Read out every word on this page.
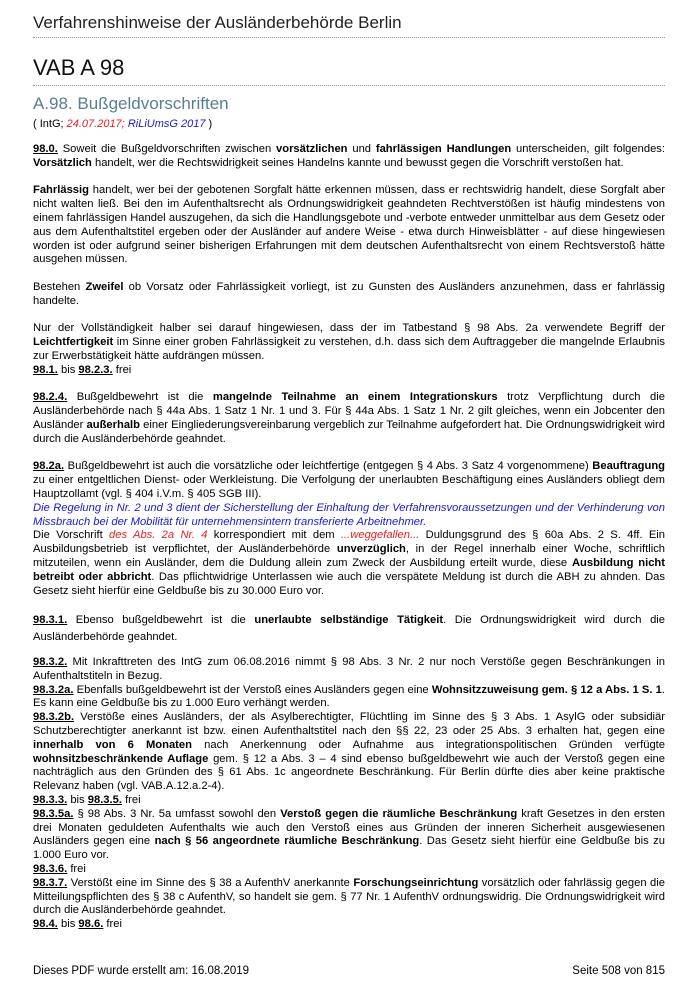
Verfahrenshinweise der Ausländerbehörde Berlin
VAB A 98
A.98. Bußgeldvorschriften
( IntG; 24.07.2017; RiLiUmsG 2017 )

98.0. Soweit die Bußgeldvorschriften zwischen vorsätzlichen und fahrlässigen Handlungen unterscheiden, gilt folgendes: Vorsätzlich handelt, wer die Rechtswidrigkeit seines Handelns kannte und bewusst gegen die Vorschrift verstoßen hat.

Fahrlässig handelt, wer bei der gebotenen Sorgfalt hätte erkennen müssen, dass er rechtswidrig handelt, diese Sorgfalt aber nicht walten ließ. Bei den im Aufenthaltsrecht als Ordnungswidrigkeit geahndeten Rechtverstößen ist häufig mindestens von einem fahrlässigen Handel auszugehen, da sich die Handlungsgebote und -verbote entweder unmittelbar aus dem Gesetz oder aus dem Aufenthaltstitel ergeben oder der Ausländer auf andere Weise - etwa durch Hinweisblätter - auf diese hingewiesen worden ist oder aufgrund seiner bisherigen Erfahrungen mit dem deutschen Aufenthaltsrecht von einem Rechtsverstoß hätte ausgehen müssen.

Bestehen Zweifel ob Vorsatz oder Fahrlässigkeit vorliegt, ist zu Gunsten des Ausländers anzunehmen, dass er fahrlässig handelte.

Nur der Vollständigkeit halber sei darauf hingewiesen, dass der im Tatbestand § 98 Abs. 2a verwendete Begriff der Leichtfertigkeit im Sinne einer groben Fahrlässigkeit zu verstehen, d.h. dass sich dem Auftraggeber die mangelnde Erlaubnis zur Erwerbstätigkeit hätte aufdrängen müssen.

98.1. bis 98.2.3. frei

98.2.4. Bußgeldbewehrt ist die mangelnde Teilnahme an einem Integrationskurs trotz Verpflichtung durch die Ausländerbehörde nach § 44a Abs. 1 Satz 1 Nr. 1 und 3. Für § 44a Abs. 1 Satz 1 Nr. 2 gilt gleiches, wenn ein Jobcenter den Ausländer außerhalb einer Eingliederungsvereinbarung vergeblich zur Teilnahme aufgefordert hat. Die Ordnungswidrigkeit wird durch die Ausländerbehörde geahndet.

98.2a. Bußgeldbewehrt ist auch die vorsätzliche oder leichtfertige (entgegen § 4 Abs. 3 Satz 4 vorgenommene) Beauftragung zu einer entgeltlichen Dienst- oder Werkleistung. Die Verfolgung der unerlaubten Beschäftigung eines Ausländers obliegt dem Hauptzollamt (vgl. § 404 i.V.m. § 405 SGB III).

Die Regelung in Nr. 2 und 3 dient der Sicherstellung der Einhaltung der Verfahrensvoraussetzungen und der Verhinderung von Missbrauch bei der Mobilität für unternehmensintern transferierte Arbeitnehmer.

Die Vorschrift des Abs. 2a Nr. 4 korrespondiert mit dem ...weggefallen... Duldungsgrund des § 60a Abs. 2 S. 4ff. Ein Ausbildungsbetrieb ist verpflichtet, der Ausländerbehörde unverzüglich, in der Regel innerhalb einer Woche, schriftlich mitzuteilen, wenn ein Ausländer, dem die Duldung allein zum Zweck der Ausbildung erteilt wurde, diese Ausbildung nicht betreibt oder abbricht. Das pflichtwidrige Unterlassen wie auch die verspätete Meldung ist durch die ABH zu ahnden. Das Gesetz sieht hierfür eine Geldbuße bis zu 30.000 Euro vor.

98.3.1. Ebenso bußgeldbewehrt ist die unerlaubte selbständige Tätigkeit. Die Ordnungswidrigkeit wird durch die Ausländerbehörde geahndet.

98.3.2. Mit Inkrafttreten des IntG zum 06.08.2016 nimmt § 98 Abs. 3 Nr. 2 nur noch Verstöße gegen Beschränkungen in Aufenthaltstiteln in Bezug.

98.3.2a. Ebenfalls bußgeldbewehrt ist der Verstoß eines Ausländers gegen eine Wohnsitzzuweisung gem. § 12 a Abs. 1 S. 1. Es kann eine Geldbuße bis zu 1.000 Euro verhängt werden.

98.3.2b. Verstöße eines Ausländers, der als Asylberechtigter, Flüchtling im Sinne des § 3 Abs. 1 AsylG oder subsidiär Schutzberechtigter anerkannt ist bzw. einen Aufenthaltstitel nach den §§ 22, 23 oder 25 Abs. 3 erhalten hat, gegen eine innerhalb von 6 Monaten nach Anerkennung oder Aufnahme aus integrationspolitischen Gründen verfügte wohnsitzbeschränkende Auflage gem. § 12 a Abs. 3 – 4 sind ebenso bußgeldbewehrt wie auch der Verstoß gegen eine nachträglich aus den Gründen des § 61 Abs. 1c angeordnete Beschränkung. Für Berlin dürfte dies aber keine praktische Relevanz haben (vgl. VAB.A.12.a.2-4).

98.3.3. bis 98.3.5. frei

98.3.5a. § 98 Abs. 3 Nr. 5a umfasst sowohl den Verstoß gegen die räumliche Beschränkung kraft Gesetzes in den ersten drei Monaten geduldeten Aufenthalts wie auch den Verstoß eines aus Gründen der inneren Sicherheit ausgewiesenen Ausländers gegen eine nach § 56 angeordnete räumliche Beschränkung. Das Gesetz sieht hierfür eine Geldbuße bis zu 1.000 Euro vor.

98.3.6. frei

98.3.7. Verstößt eine im Sinne des § 38 a AufenthV anerkannte Forschungseinrichtung vorsätzlich oder fahrlässig gegen die Mitteilungspflichten des § 38 c AufenthV, so handelt sie gem. § 77 Nr. 1 AufenthV ordnungswidrig. Die Ordnungswidrigkeit wird durch die Ausländerbehörde geahndet.

98.4. bis 98.6. frei

Dieses PDF wurde erstellt am: 16.08.2019	Seite 508 von 815
